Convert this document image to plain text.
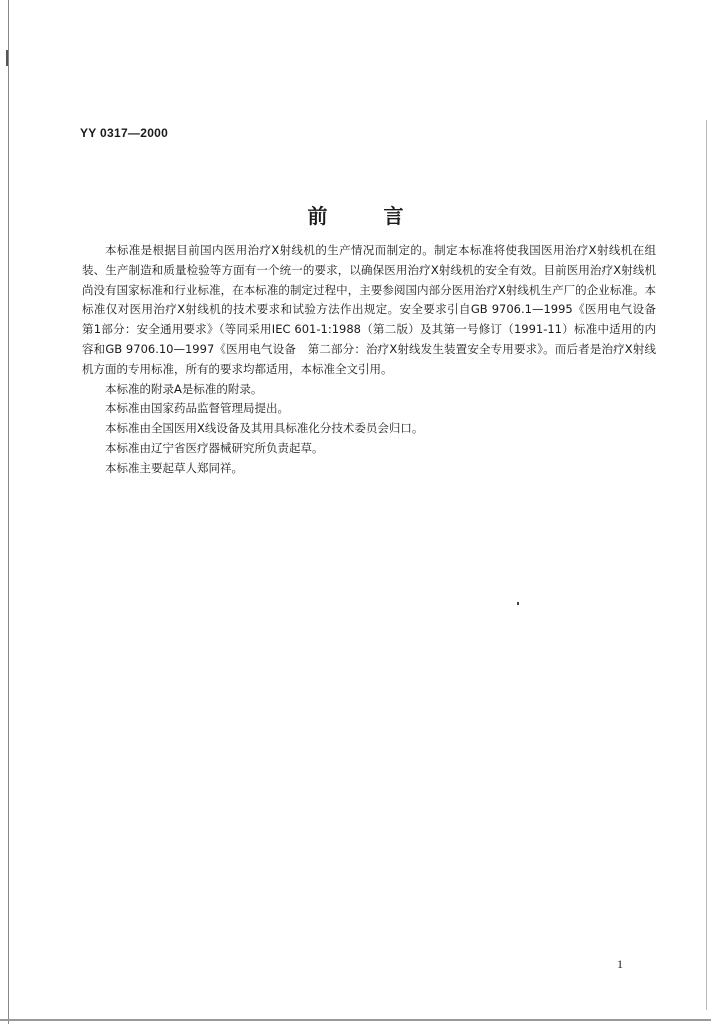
YY 0317—2000
前言

本标准是根据目前国内医用治疗X射线机的生产情况而制定的。制定本标准将使我国医用治疗X射线机在组装、生产制造和质量检验等方面有一个统一的要求，以确保医用治疗X射线机的安全有效。目前医用治疗X射线机尚没有国家标准和行业标准，在本标准的制定过程中，主要参阅国内部分医用治疗X射线机生产厂的企业标准。本标准仅对医用治疗X射线机的技术要求和试验方法作出规定。安全要求引自GB 9706.1—1995《医用电气设备　第1部分：安全通用要求》（等同采用IEC 601-1:1988（第二版）及其第一号修订（1991-11）标准中适用的内容和GB 9706.10—1997《医用电气设备　第二部分：治疗X射线发生装置安全专用要求》。而后者是治疗X射线机方面的专用标准，所有的要求均都适用，本标准全文引用。

本标准的附录A是标准的附录。

本标准由国家药品监督管理局提出。

本标准由全国医用X线设备及其用具标准化分技术委员会归口。

本标准由辽宁省医疗器械研究所负责起草。

本标准主要起草人郑同祥。

1
